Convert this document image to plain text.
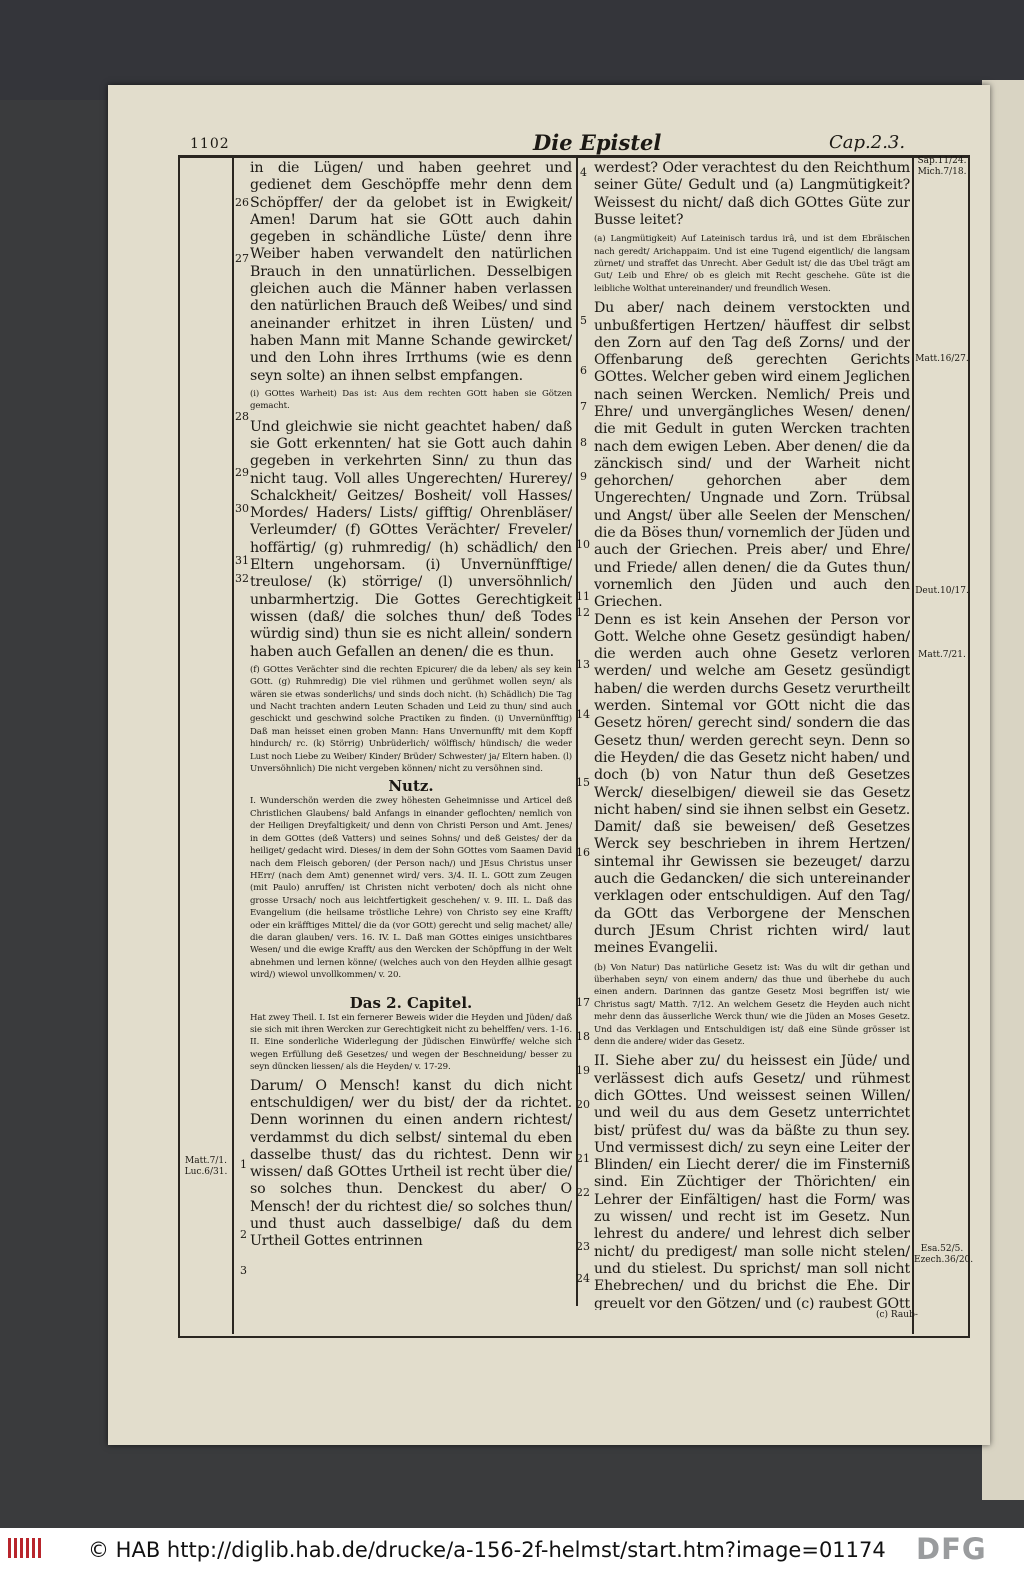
1102	Die Epistel	Cap.2.3.

in die Lügen/ und haben geehret und gedienet dem Geschöpffe mehr denn dem Schöpffer/ der da gelobet ist in Ewigkeit/ Amen! Darum hat sie GOtt auch dahin gegeben in schändliche Lüste/ denn ihre Weiber haben verwandelt den natürlichen Brauch in den unnatürlichen. Desselbigen gleichen auch die Männer haben verlassen den natürlichen Brauch deß Weibes/ und sind aneinander erhitzet in ihren Lüsten/ und haben Mann mit Manne Schande gewircket/ und den Lohn ihres Irrthums (wie es denn seyn solte) an ihnen selbst empfangen.

(i) GOttes Warheit) Das ist: Aus dem rechten GOtt haben sie Götzen gemacht.

Und gleichwie sie nicht geachtet haben/ daß sie Gott erkennten/ hat sie Gott auch dahin gegeben in verkehrten Sinn/ zu thun das nicht taug. Voll alles Ungerechten/ Hurerey/ Schalckheit/ Geitzes/ Bosheit/ voll Hasses/ Mordes/ Haders/ Lists/ gifftig/ Ohrenbläser/ Verleumder/ (f) GOttes Verächter/ Freveler/ hoffärtig/ (g) ruhmredig/ (h) schädlich/ den Eltern ungehorsam. (i) Unvernünfftige/ treulose/ (k) störrige/ (l) unversöhnlich/ unbarmhertzig. Die Gottes Gerechtigkeit wissen (daß/ die solches thun/ deß Todes würdig sind) thun sie es nicht allein/ sondern haben auch Gefallen an denen/ die es thun.

(f) GOttes Verächter sind die rechten Epicurer/ die da leben/ als sey kein GOtt. (g) Ruhmredig) Die viel rühmen und gerühmet wollen seyn/ als wären sie etwas sonderlichs/ und sinds doch nicht. (h) Schädlich) Die Tag und Nacht trachten andern Leuten Schaden und Leid zu thun/ sind auch geschickt und geschwind solche Practiken zu finden. (i) Unvernünfftig) Daß man heisset einen groben Mann: Hans Unvernunfft/ mit dem Kopff hindurch/ rc. (k) Störrig) Unbrüderlich/ wölffisch/ hündisch/ die weder Lust noch Liebe zu Weiber/ Kinder/ Brüder/ Schwester/ ja/ Eltern haben. (l) Unversöhnlich) Die nicht vergeben können/ nicht zu versöhnen sind.

Nutz.

I. Wunderschön werden die zwey höhesten Geheimnisse und Articel deß Christlichen Glaubens/ bald Anfangs in einander geflochten/ nemlich von der Heiligen Dreyfaltigkeit/ und denn von Christi Person und Amt. Jenes/ in dem GOttes (deß Vatters) und seines Sohns/ und deß Geistes/ der da heiliget/ gedacht wird. Dieses/ in dem der Sohn GOttes vom Saamen David nach dem Fleisch geboren/ (der Person nach/) und JEsus Christus unser HErr/ (nach dem Amt) genennet wird/ vers. 3/4. II. L. GOtt zum Zeugen (mit Paulo) anruffen/ ist Christen nicht verboten/ doch als nicht ohne grosse Ursach/ noch aus leichtfertigkeit geschehen/ v. 9. III. L. Daß das Evangelium (die heilsame tröstliche Lehre) von Christo sey eine Krafft/ oder ein kräfftiges Mittel/ die da (vor GOtt) gerecht und selig machet/ alle/ die daran glauben/ vers. 16. IV. L. Daß man GOttes einiges unsichtbares Wesen/ und die ewige Krafft/ aus den Wercken der Schöpffung in der Welt abnehmen und lernen könne/ (welches auch von den Heyden allhie gesagt wird/) wiewol unvollkommen/ v. 20.

Das 2. Capitel.

Hat zwey Theil. I. Ist ein fernerer Beweis wider die Heyden und Jüden/ daß sie sich mit ihren Wercken zur Gerechtigkeit nicht zu behelffen/ vers. 1-16. II. Eine sonderliche Widerlegung der Jüdischen Einwürffe/ welche sich wegen Erfüllung deß Gesetzes/ und wegen der Beschneidung/ besser zu seyn düncken liessen/ als die Heyden/ v. 17-29.

Darum/ O Mensch! kanst du dich nicht entschuldigen/ wer du bist/ der da richtet. Denn worinnen du einen andern richtest/ verdammst du dich selbst/ sintemal du eben dasselbe thust/ das du richtest. Denn wir wissen/ daß GOttes Urtheil ist recht über die/ so solches thun. Denckest du aber/ O Mensch! der du richtest die/ so solches thun/ und thust auch dasselbige/ daß du dem Urtheil Gottes entrinnen

werdest? Oder verachtest du den Reichthum seiner Güte/ Gedult und (a) Langmütigkeit? Weissest du nicht/ daß dich GOttes Güte zur Busse leitet?

(a) Langmütigkeit) Auf Lateinisch tardus irâ, und ist dem Ebräischen nach geredt/ Arichappaim. Und ist eine Tugend eigentlich/ die langsam zürnet/ und straffet das Unrecht. Aber Gedult ist/ die das Ubel trägt am Gut/ Leib und Ehre/ ob es gleich mit Recht geschehe. Güte ist die leibliche Wolthat untereinander/ und freundlich Wesen.

Du aber/ nach deinem verstockten und unbußfertigen Hertzen/ häuffest dir selbst den Zorn auf den Tag deß Zorns/ und der Offenbarung deß gerechten Gerichts GOttes. Welcher geben wird einem Jeglichen nach seinen Wercken. Nemlich/ Preis und Ehre/ und unvergängliches Wesen/ denen/ die mit Gedult in guten Wercken trachten nach dem ewigen Leben. Aber denen/ die da zänckisch sind/ und der Warheit nicht gehorchen/ gehorchen aber dem Ungerechten/ Ungnade und Zorn. Trübsal und Angst/ über alle Seelen der Menschen/ die da Böses thun/ vornemlich der Jüden und auch der Griechen. Preis aber/ und Ehre/ und Friede/ allen denen/ die da Gutes thun/ vornemlich den Jüden und auch den Griechen.

Denn es ist kein Ansehen der Person vor Gott. Welche ohne Gesetz gesündigt haben/ die werden auch ohne Gesetz verloren werden/ und welche am Gesetz gesündigt haben/ die werden durchs Gesetz verurtheilt werden. Sintemal vor GOtt nicht die das Gesetz hören/ gerecht sind/ sondern die das Gesetz thun/ werden gerecht seyn. Denn so die Heyden/ die das Gesetz nicht haben/ und doch (b) von Natur thun deß Gesetzes Werck/ dieselbigen/ dieweil sie das Gesetz nicht haben/ sind sie ihnen selbst ein Gesetz. Damit/ daß sie beweisen/ deß Gesetzes Werck sey beschrieben in ihrem Hertzen/ sintemal ihr Gewissen sie bezeuget/ darzu auch die Gedancken/ die sich untereinander verklagen oder entschuldigen. Auf den Tag/ da GOtt das Verborgene der Menschen durch JEsum Christ richten wird/ laut meines Evangelii.

(b) Von Natur) Das natürliche Gesetz ist: Was du wilt dir gethan und überhaben seyn/ von einem andern/ das thue und überhebe du auch einen andern. Darinnen das gantze Gesetz Mosi begriffen ist/ wie Christus sagt/ Matth. 7/12. An welchem Gesetz die Heyden auch nicht mehr denn das äusserliche Werck thun/ wie die Jüden an Moses Gesetz. Und das Verklagen und Entschuldigen ist/ daß eine Sünde grösser ist denn die andere/ wider das Gesetz.

II. Siehe aber zu/ du heissest ein Jüde/ und verlässest dich aufs Gesetz/ und rühmest dich GOttes. Und weissest seinen Willen/ und weil du aus dem Gesetz unterrichtet bist/ prüfest du/ was da bäßte zu thun sey. Und vermissest dich/ zu seyn eine Leiter der Blinden/ ein Liecht derer/ die im Finsterniß sind. Ein Züchtiger der Thörichten/ ein Lehrer der Einfältigen/ hast die Form/ was zu wissen/ und recht ist im Gesetz. Nun lehrest du andere/ und lehrest dich selber nicht/ du predigest/ man solle nicht stelen/ und du stielest. Du sprichst/ man soll nicht Ehebrechen/ und du brichst die Ehe. Dir greuelt vor den Götzen/ und (c) raubest GOtt

(c) Raub-
26
27
28
29
30
31
32
1
2
3
4
5
6
7
8
9
10
11
12
13
14
15
16
17
18
19
20
21
22
23
24
Matt.7/1. Luc.6/31.
Sap.11/24. Mich.7/18.
Matt.16/27.
Deut.10/17.
Matt.7/21.
Esa.52/5. Ezech.36/20.
© HAB http://diglib.hab.de/drucke/a-156-2f-helmst/start.htm?image=01174 DFG
